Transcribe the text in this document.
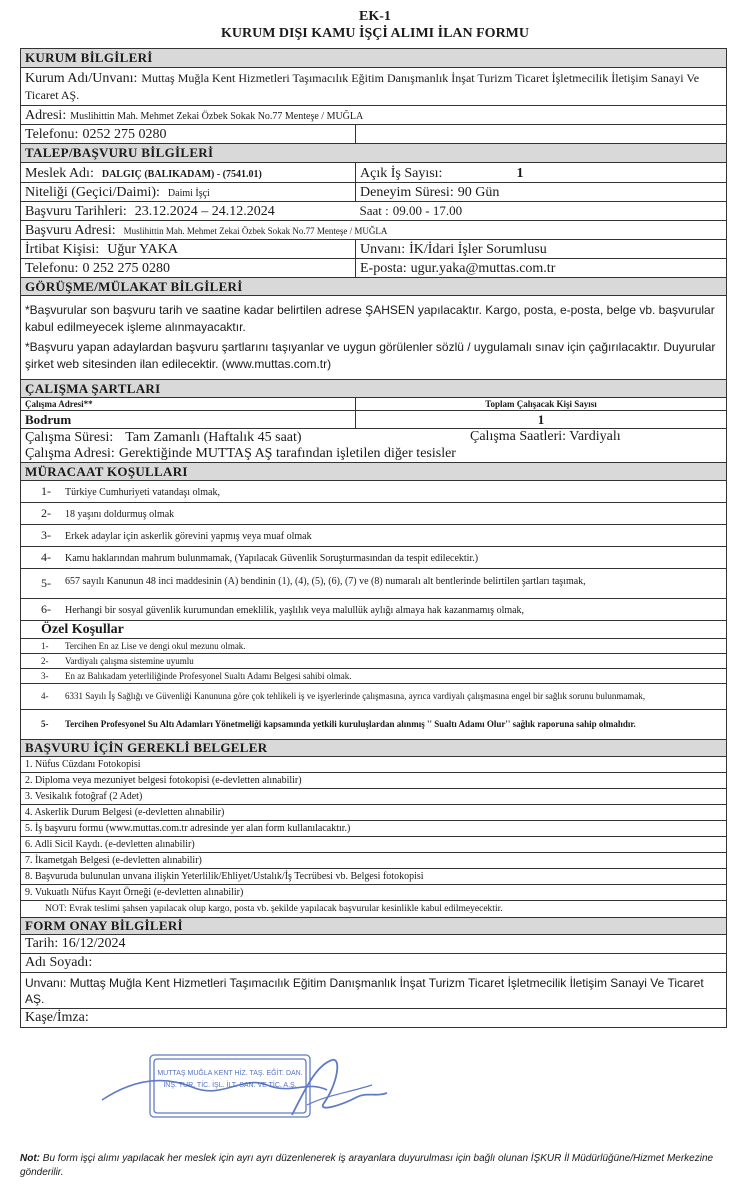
EK-1
KURUM DIŞI KAMU İŞÇİ ALIMI İLAN FORMU
KURUM BİLGİLERİ	
Kurum Adı/Unvanı: Muttaş Muğla Kent Hizmetleri Taşımacılık Eğitim Danışmanlık İnşat Turizm Ticaret İşletmecilik İletişim Sanayi Ve Ticaret AŞ.	
Adresi: Muslihittin Mah. Mehmet Zekai Özbek Sokak No.77 Menteşe / MUĞLA	
Telefonu: 0252 275 0280	
TALEP/BAŞVURU BİLGİLERİ	
Meslek Adı: DALGIÇ (BALIKADAM) - (7541.01)	Açık İş Sayısı: 1
Niteliği (Geçici/Daimi): Daimi İşçi	Deneyim Süresi: 90 Gün
Başvuru Tarihleri: 23.12.2024 – 24.12.2024	Saat : 09.00 - 17.00
Başvuru Adresi: Muslihittin Mah. Mehmet Zekai Özbek Sokak No.77 Menteşe / MUĞLA	
İrtibat Kişisi: Uğur YAKA	Unvanı: İK/İdari İşler Sorumlusu
Telefonu: 0 252 275 0280	E-posta: ugur.yaka@muttas.com.tr
GÖRÜŞME/MÜLAKAT BİLGİLERİ	

*Başvurular son başvuru tarih ve saatine kadar belirtilen adrese ŞAHSEN yapılacaktır. Kargo, posta, e-posta, belge vb. başvurular kabul edilmeyecek işleme alınmayacaktır.
*Başvuru yapan adaylardan başvuru şartlarını taşıyanlar ve uygun görülenler sözlü / uygulamalı sınav için çağırılacaktır. Duyurular şirket web sitesinden ilan edilecektir. (www.muttas.com.tr)	

ÇALIŞMA ŞARTLARI	
Çalışma Adresi**	Toplam Çalışacak Kişi Sayısı
Bodrum	1

Çalışma Süresi: Tam Zamanlı (Haftalık 45 saat) Çalışma Saatleri: Vardiyalı
Çalışma Adresi: Gerektiğinde MUTTAŞ AŞ tarafından işletilen diğer tesisler	

MÜRACAAT KOŞULLARI	
1- Türkiye Cumhuriyeti vatandaşı olmak,	
2- 18 yaşını doldurmuş olmak	
3- Erkek adaylar için askerlik görevini yapmış veya muaf olmak	
4- Kamu haklarından mahrum bulunmamak, (Yapılacak Güvenlik Soruşturmasından da tespit edilecektir.)	

5- 657 sayılı Kanunun 48 inci maddesinin (A) bendinin (1), (4), (5), (6), (7) ve (8) numaralı alt bentlerinde belirtilen şartları taşımak,	

6- Herhangi bir sosyal güvenlik kurumundan emeklilik, yaşlılık veya malullük aylığı almaya hak kazanmamış olmak,	
Özel Koşullar	
1- Tercihen En az Lise ve dengi okul mezunu olmak.	
2- Vardiyalı çalışma sistemine uyumlu	
3- En az Balıkadam yeterliliğinde Profesyonel Sualtı Adamı Belgesi sahibi olmak.	

4- 6331 Sayılı İş Sağlığı ve Güvenliği Kanununa göre çok tehlikeli iş ve işyerlerinde çalışmasına, ayrıca vardiyalı çalışmasına engel bir sağlık sorunu bulunmamak,	

5- Tercihen Profesyonel Su Altı Adamları Yönetmeliği kapsamında yetkili kuruluşlardan alınmış '' Sualtı Adamı Olur'' sağlık raporuna sahip olmalıdır.	

BAŞVURU İÇİN GEREKLİ BELGELER	
1. Nüfus Cüzdanı Fotokopisi	
2. Diploma veya mezuniyet belgesi fotokopisi (e-devletten alınabilir)	
3. Vesikalık fotoğraf (2 Adet)	
4. Askerlik Durum Belgesi (e-devletten alınabilir)	
5. İş başvuru formu (www.muttas.com.tr adresinde yer alan form kullanılacaktır.)	
6. Adli Sicil Kaydı. (e-devletten alınabilir)	
7. İkametgah Belgesi (e-devletten alınabilir)	
8. Başvuruda bulunulan unvana ilişkin Yeterlilik/Ehliyet/Ustalık/İş Tecrübesi vb. Belgesi fotokopisi	
9. Vukuatlı Nüfus Kayıt Örneği (e-devletten alınabilir)	
NOT: Evrak teslimi şahsen yapılacak olup kargo, posta vb. şekilde yapılacak başvurular kesinlikle kabul edilmeyecektir.	
FORM ONAY BİLGİLERİ	
Tarih: 16/12/2024	
Adı Soyadı:	
Unvanı: Muttaş Muğla Kent Hizmetleri Taşımacılık Eğitim Danışmanlık İnşat Turizm Ticaret İşletmecilik İletişim Sanayi Ve Ticaret AŞ.	
Kaşe/İmza:	
MUTTAŞ MUĞLA KENT HİZ. TAŞ. EĞİT. DAN.
İNŞ. TUR. TİC. İŞL. İLT. SAN. VE TİC. A.Ş.
Not: Bu form işçi alımı yapılacak her meslek için ayrı ayrı düzenlenerek iş arayanlara duyurulması için bağlı olunan İŞKUR İl Müdürlüğüne/Hizmet Merkezine gönderilir.
